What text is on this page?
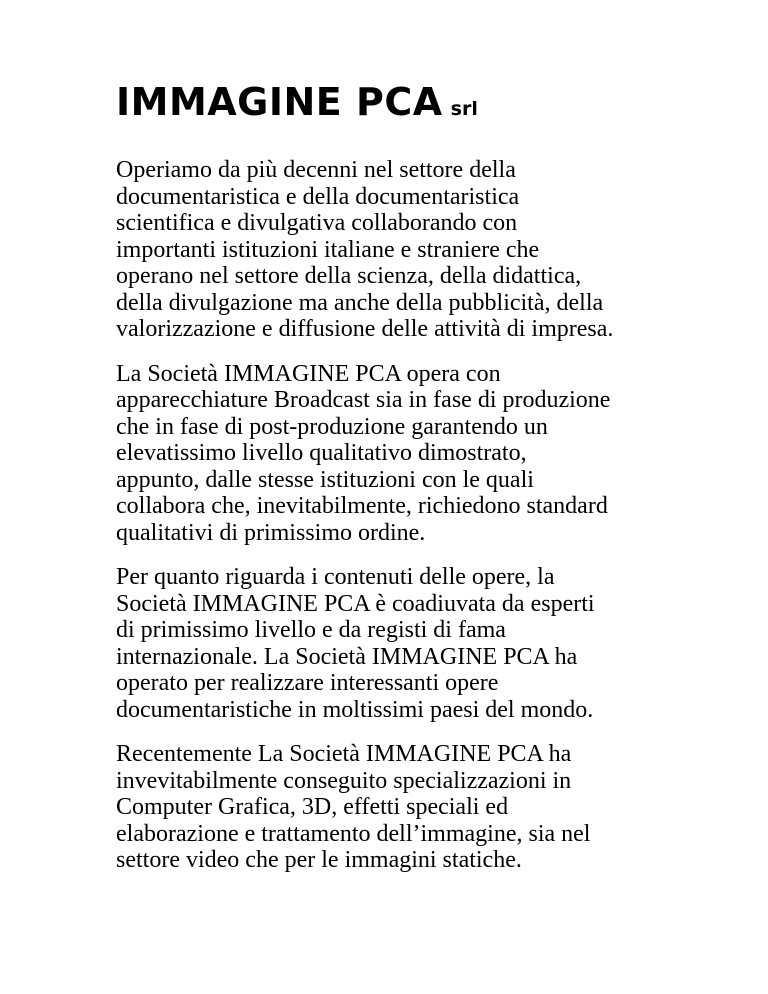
IMMAGINE PCA srl

Operiamo da più decenni nel settore della
documentaristica e della documentaristica
scientifica e divulgativa collaborando con
importanti istituzioni italiane e straniere che
operano nel settore della scienza, della didattica,
della divulgazione ma anche della pubblicità, della
valorizzazione e diffusione delle attività di impresa.

La Società IMMAGINE PCA opera con
apparecchiature Broadcast sia in fase di produzione
che in fase di post-produzione garantendo un
elevatissimo livello qualitativo dimostrato,
appunto, dalle stesse istituzioni con le quali
collabora che, inevitabilmente, richiedono standard
qualitativi di primissimo ordine.

Per quanto riguarda i contenuti delle opere, la
Società IMMAGINE PCA è coadiuvata da esperti
di primissimo livello e da registi di fama
internazionale. La Società IMMAGINE PCA ha
operato per realizzare interessanti opere
documentaristiche in moltissimi paesi del mondo.

Recentemente La Società IMMAGINE PCA ha
invevitabilmente conseguito specializzazioni in
Computer Grafica, 3D, effetti speciali ed
elaborazione e trattamento dell’immagine, sia nel
settore video che per le immagini statiche.
